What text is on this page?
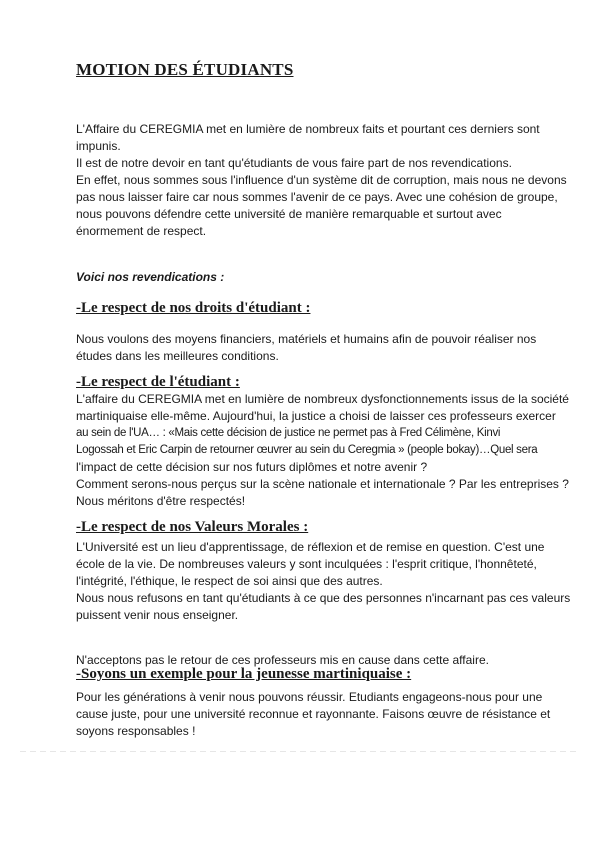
MOTION DES ÉTUDIANTS
L'Affaire du CEREGMIA met en lumière de nombreux faits et pourtant ces derniers sont
impunis.
Il est de notre devoir en tant qu'étudiants de vous faire part de nos revendications.
En effet, nous sommes sous l'influence d'un système dit de corruption, mais nous ne devons
pas nous laisser faire car nous sommes l'avenir de ce pays. Avec une cohésion de groupe,
nous pouvons défendre cette université de manière remarquable et surtout avec
énormement de respect.

Voici nos revendications :

-Le respect de nos droits d'étudiant :
Nous voulons des moyens financiers, matériels et humains afin de pouvoir réaliser nos
études dans les meilleures conditions.
-Le respect de l'étudiant :
L'affaire du CEREGMIA met en lumière de nombreux dysfonctionnements issus de la société
martiniquaise elle-même. Aujourd'hui, la justice a choisi de laisser ces professeurs exercer
au sein de l'UA… : «Mais cette décision de justice ne permet pas à Fred Célimène, Kinvi
Logossah et Eric Carpin de retourner œuvrer au sein du Ceregmia » (people bokay)…Quel sera
l'impact de cette décision sur nos futurs diplômes et notre avenir ?
Comment serons-nous perçus sur la scène nationale et internationale ? Par les entreprises ?
Nous méritons d'être respectés!
-Le respect de nos Valeurs Morales :
L'Université est un lieu d'apprentissage, de réflexion et de remise en question. C'est une
école de la vie. De nombreuses valeurs y sont inculquées : l'esprit critique, l'honnêteté,
l'intégrité, l'éthique, le respect de soi ainsi que des autres.
Nous nous refusons en tant qu'étudiants à ce que des personnes n'incarnant pas ces valeurs
puissent venir nous enseigner.
N'acceptons pas le retour de ces professeurs mis en cause dans cette affaire.
-Soyons un exemple pour la jeunesse martiniquaise :
Pour les générations à venir nous pouvons réussir. Etudiants engageons-nous pour une
cause juste, pour une université reconnue et rayonnante. Faisons œuvre de résistance et
soyons responsables !
